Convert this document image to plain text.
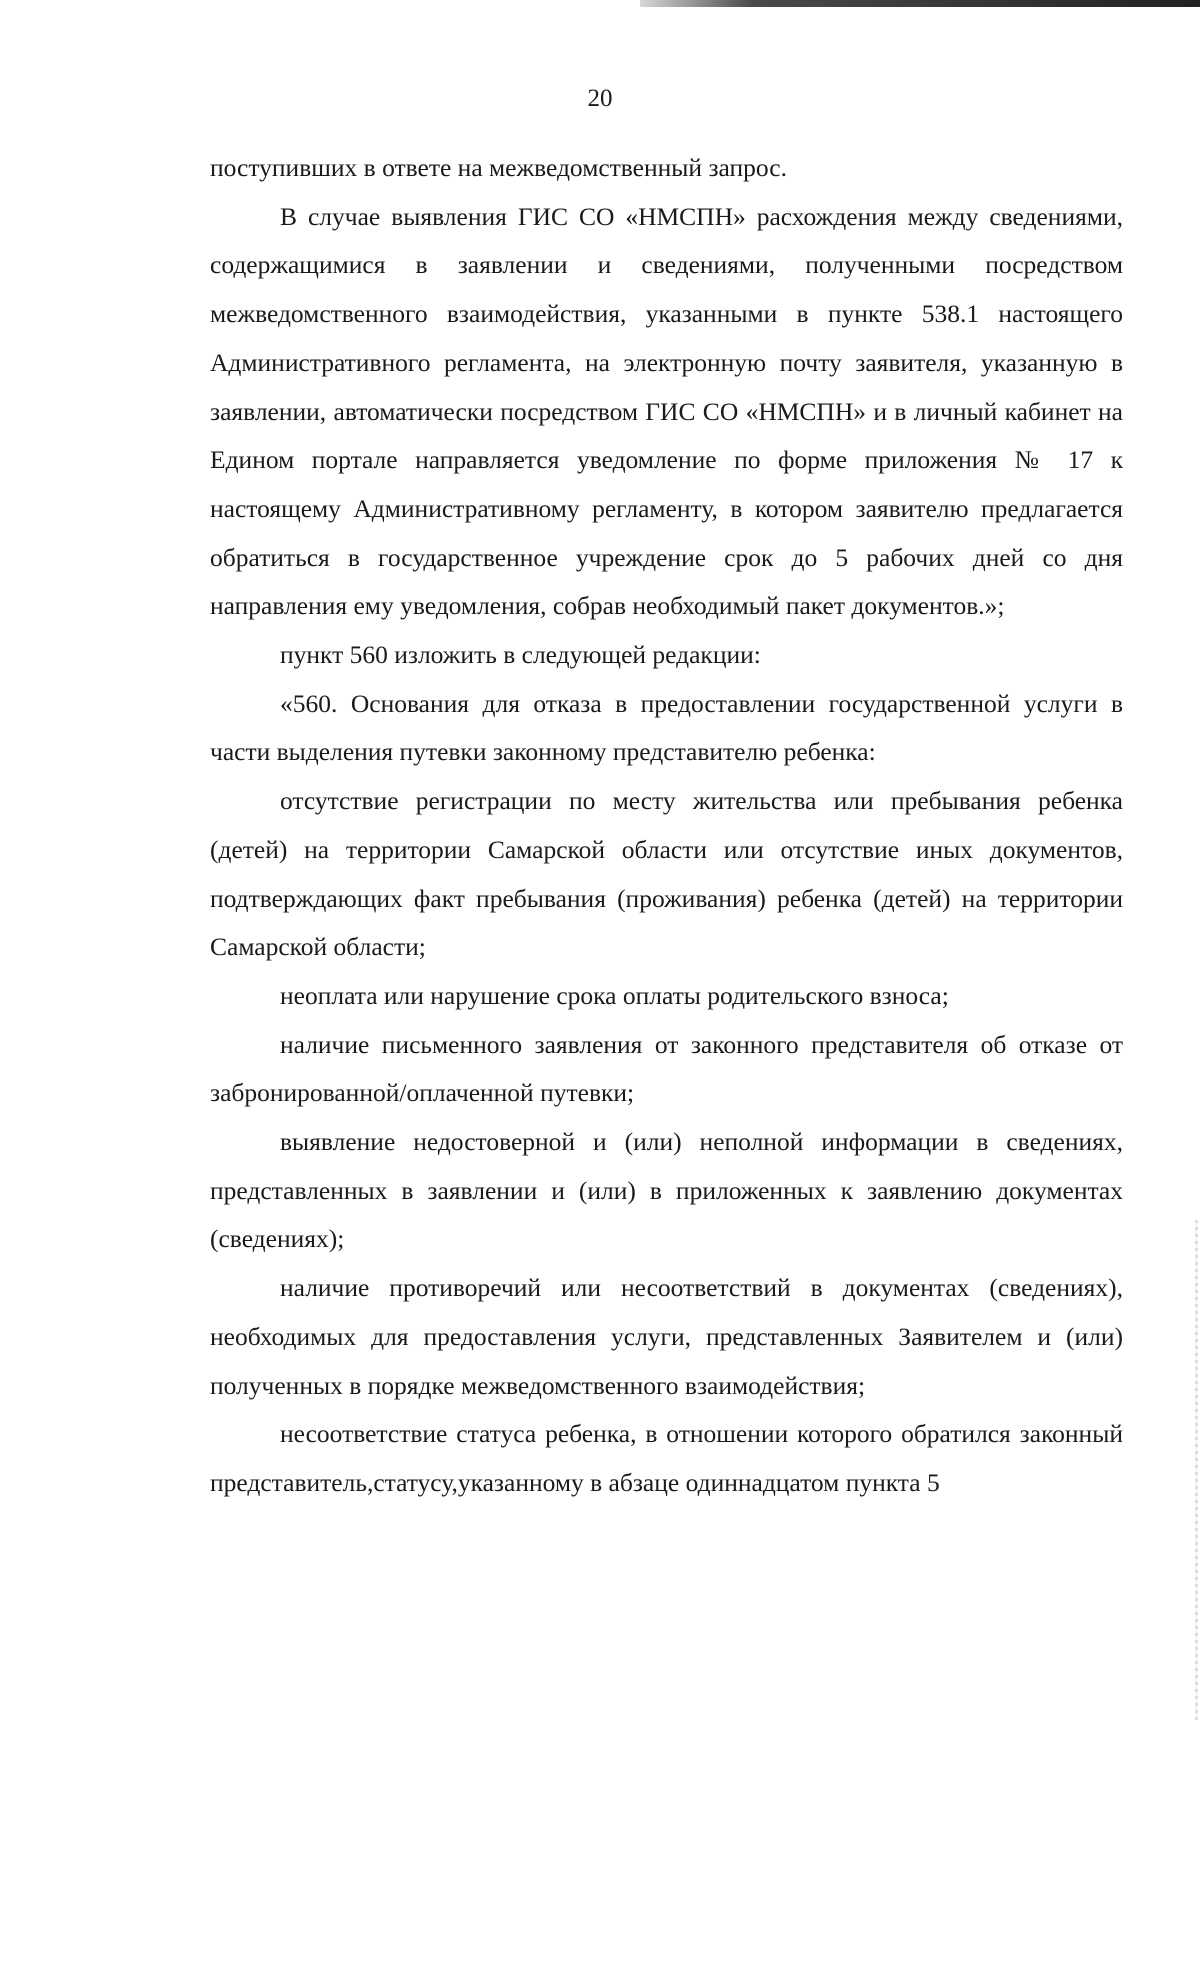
20

поступивших в ответе на межведомственный запрос.

В случае выявления ГИС СО «НМСПН» расхождения между сведениями, содержащимися в заявлении и сведениями, полученными посредством межведомственного взаимодействия, указанными в пункте 538.1 настоящего Административного регламента, на электронную почту заявителя, указанную в заявлении, автоматически посредством ГИС СО «НМСПН» и в личный кабинет на Едином портале направляется уведомление по форме приложения № 17 к настоящему Административному регламенту, в котором заявителю предлагается обратиться в государственное учреждение срок до 5 рабочих дней со дня направления ему уведомления, собрав необходимый пакет документов.»;

пункт 560 изложить в следующей редакции:

«560. Основания для отказа в предоставлении государственной услуги в части выделения путевки законному представителю ребенка:

отсутствие регистрации по месту жительства или пребывания ребенка (детей) на территории Самарской области или отсутствие иных документов, подтверждающих факт пребывания (проживания) ребенка (детей) на территории Самарской области;

неоплата или нарушение срока оплаты родительского взноса;

наличие письменного заявления от законного представителя об отказе от забронированной/оплаченной путевки;

выявление недостоверной и (или) неполной информации в сведениях, представленных в заявлении и (или) в приложенных к заявлению документах (сведениях);

наличие противоречий или несоответствий в документах (сведениях), необходимых для предоставления услуги, представленных Заявителем и (или) полученных в порядке межведомственного взаимодействия;

несоответствие статуса ребенка, в отношении которого обратился законный представитель,статусу,указанному в абзаце одиннадцатом пункта 5
